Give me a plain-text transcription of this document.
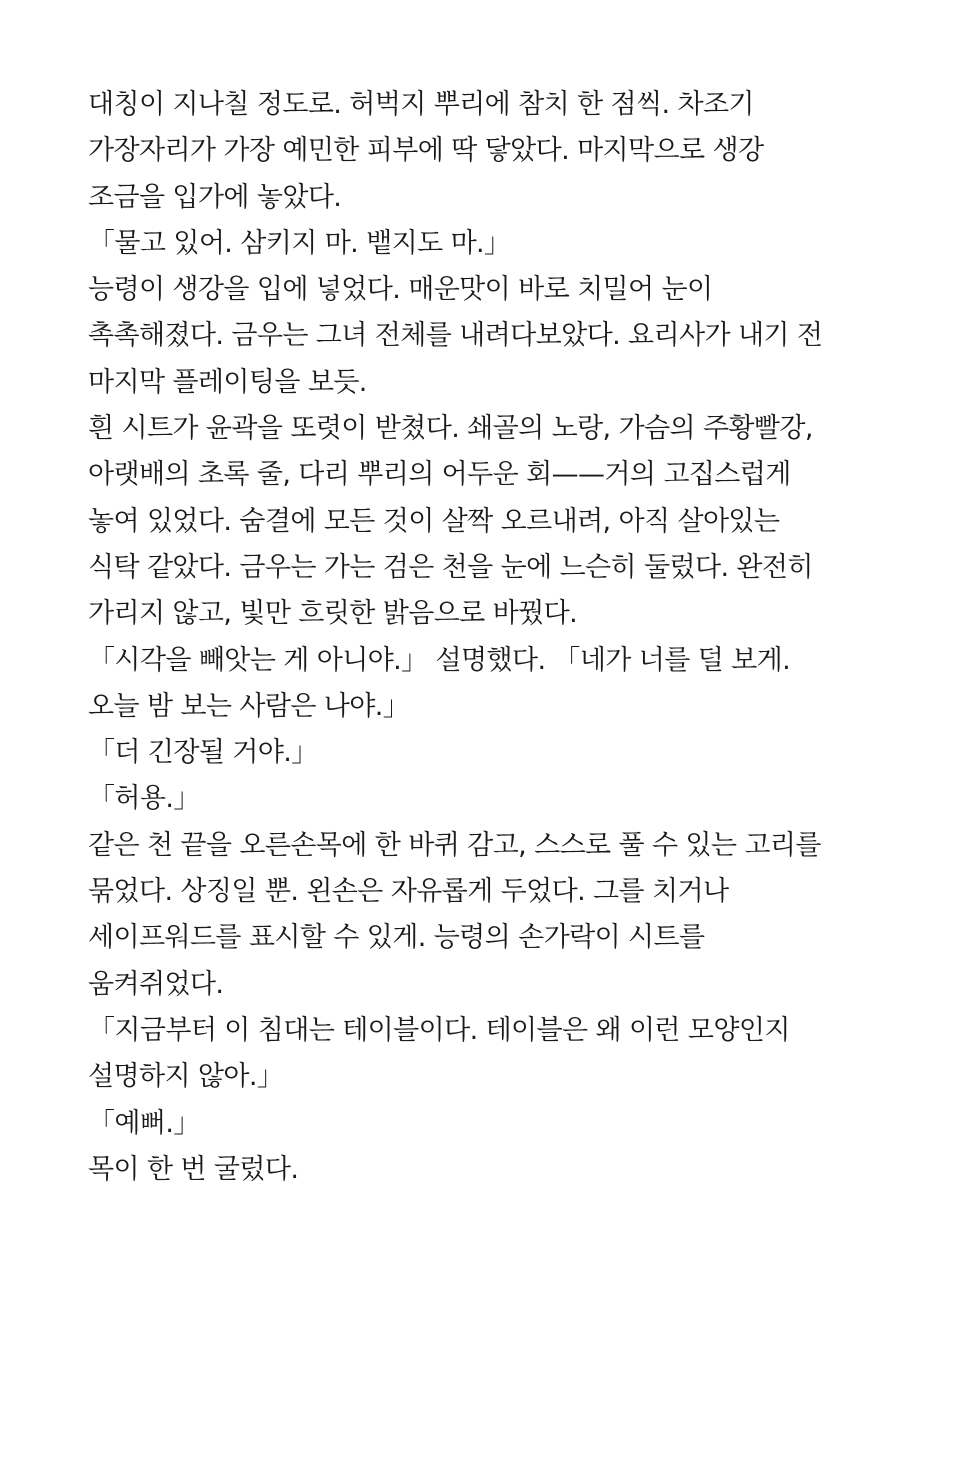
대칭이 지나칠 정도로. 허벅지 뿌리에 참치 한 점씩. 차조기
가장자리가 가장 예민한 피부에 딱 닿았다. 마지막으로 생강
조금을 입가에 놓았다.
「물고 있어. 삼키지 마. 뱉지도 마.」
능령이 생강을 입에 넣었다. 매운맛이 바로 치밀어 눈이
촉촉해졌다. 금우는 그녀 전체를 내려다보았다. 요리사가 내기 전
마지막 플레이팅을 보듯.
흰 시트가 윤곽을 또렷이 받쳤다. 쇄골의 노랑, 가슴의 주황빨강,
아랫배의 초록 줄, 다리 뿌리의 어두운 회——거의 고집스럽게
놓여 있었다. 숨결에 모든 것이 살짝 오르내려, 아직 살아있는
식탁 같았다. 금우는 가는 검은 천을 눈에 느슨히 둘렀다. 완전히
가리지 않고, 빛만 흐릿한 밝음으로 바꿨다.
「시각을 빼앗는 게 아니야.」 설명했다. 「네가 너를 덜 보게.
오늘 밤 보는 사람은 나야.」
「더 긴장될 거야.」
「허용.」
같은 천 끝을 오른손목에 한 바퀴 감고, 스스로 풀 수 있는 고리를
묶었다. 상징일 뿐. 왼손은 자유롭게 두었다. 그를 치거나
세이프워드를 표시할 수 있게. 능령의 손가락이 시트를
움켜쥐었다.
「지금부터 이 침대는 테이블이다. 테이블은 왜 이런 모양인지
설명하지 않아.」
「예뻐.」
목이 한 번 굴렀다.
